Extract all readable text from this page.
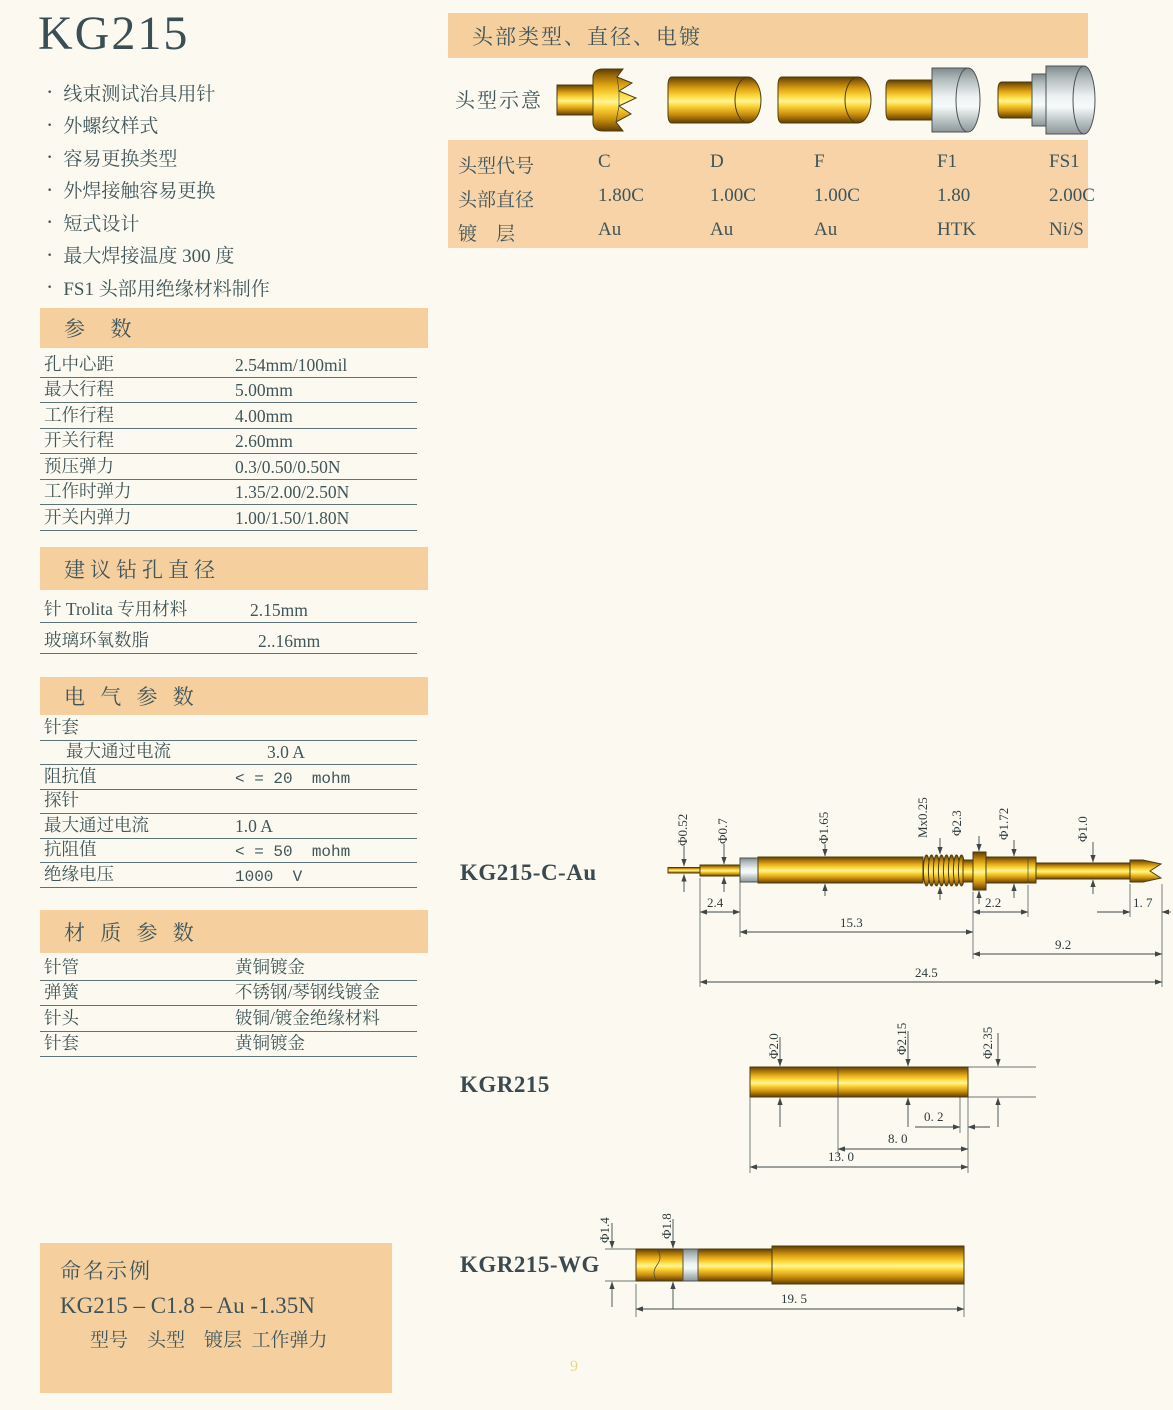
KG215
· 线束测试治具用针
· 外螺纹样式
· 容易更换类型
· 外焊接触容易更换
· 短式设计
· 最大焊接温度 300 度
· FS1 头部用绝缘材料制作
参  数
孔中心距	2.54mm/100mil
最大行程	5.00mm
工作行程	4.00mm
开关行程	2.60mm
预压弹力	0.3/0.50/0.50N
工作时弹力	1.35/2.00/2.50N
开关内弹力	1.00/1.50/1.80N
建议钻孔直径
针 Trolita 专用材料	2.15mm
玻璃环氧数脂	2..16mm
电 气 参 数
针套
最大通过电流	3.0 A
阻抗值	< = 20  mohm
探针
最大通过电流	1.0 A
抗阻值	< = 50  mohm
绝缘电压	1000  V
材 质 参 数
针管	黄铜镀金
弹簧	不锈钢/琴钢线镀金
针头	铍铜/镀金绝缘材料
针套	黄铜镀金
命名示例
KG215 – C1.8 – Au -1.35N
型号    头型    镀层  工作弹力
头部类型、直径、电镀
头型示意
头型代号	C	D	F	F1	FS1
头部直径	1.80C	1.00C	1.00C	1.80	2.00C
镀    层	Au	Au	Au	HTK	Ni/S
KG215-C-Au
Φ0.52 Φ0.7	Φ1.65	Mx0.25 Φ2.3 Φ1.72	Φ1.0
2.4
15.3
2.2	1. 7
9.2
24.5
KGR215
Φ2.0	Φ2.15	Φ2.35
0. 2
8. 0
13. 0
KGR215-WG
Φ1.4	Φ1.8
19. 5
9
